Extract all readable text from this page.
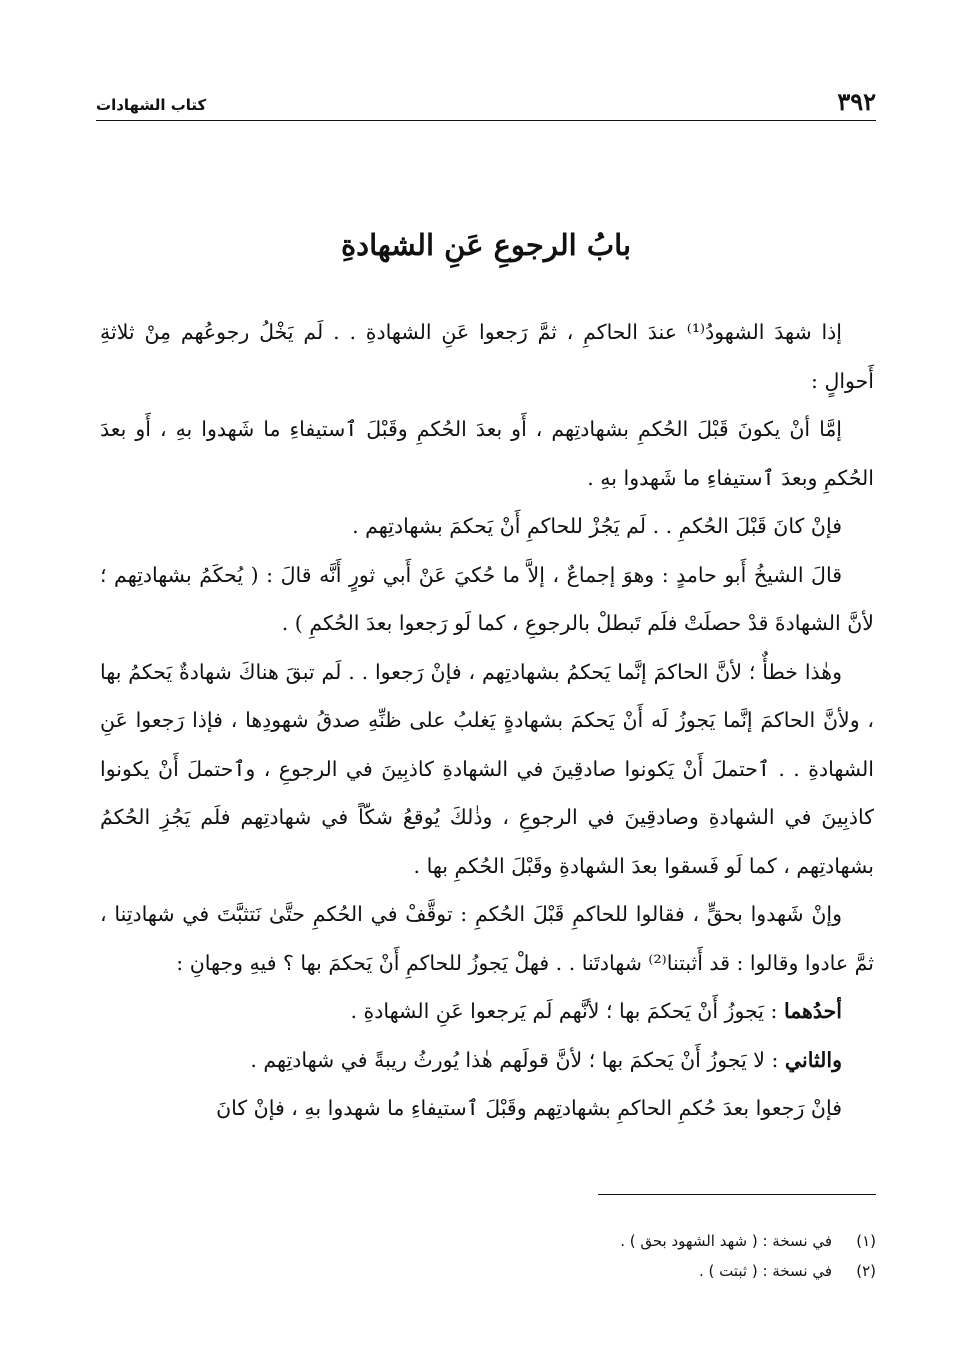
٣٩٢
كتاب الشهادات
بابُ الرجوعِ عَنِ الشهادةِ

إذا شهدَ الشهودُ⁽¹⁾ عندَ الحاكمِ ، ثمَّ رَجعوا عَنِ الشهادةِ . . لَم يَخْلُ رجوعُهم مِنْ ثلاثةِ أَحوالٍ :

إمَّا أنْ يكونَ قَبْلَ الحُكمِ بشهادتِهم ، أَو بعدَ الحُكمِ وقَبْلَ ٱستيفاءِ ما شَهدوا بهِ ، أَو بعدَ الحُكمِ وبعدَ ٱستيفاءِ ما شَهدوا بهِ .

فإنْ كانَ قَبْلَ الحُكمِ . . لَم يَجُزْ للحاكمِ أَنْ يَحكمَ بشهادتِهم .

قالَ الشيخُ أَبو حامدٍ : وهوَ إجماعٌ ، إلاَّ ما حُكيَ عَنْ أَبي ثورٍ أَنَّه قالَ : ( يُحكَمُ بشهادتِهم ؛ لأنَّ الشهادةَ قدْ حصلَتْ فلَم تَبطلْ بالرجوعِ ، كما لَو رَجعوا بعدَ الحُكمِ ) .

وهٰذا خطأٌ ؛ لأنَّ الحاكمَ إنَّما يَحكمُ بشهادتِهم ، فإنْ رَجعوا . . لَم تبقَ هناكَ شهادةٌ يَحكمُ بها ، ولأنَّ الحاكمَ إنَّما يَجوزُ لَه أَنْ يَحكمَ بشهادةٍ يَغلبُ على ظنِّهِ صدقُ شهودِها ، فإذا رَجعوا عَنِ الشهادةِ . . ٱحتملَ أَنْ يَكونوا صادقِينَ في الشهادةِ كاذبِينَ في الرجوعِ ، وٱحتملَ أَنْ يكونوا كاذبِينَ في الشهادةِ وصادقِينَ في الرجوعِ ، وذٰلكَ يُوقعُ شكّاً في شهادتِهم فلَم يَجُزِ الحُكمُ بشهادتِهم ، كما لَو فَسقوا بعدَ الشهادةِ وقَبْلَ الحُكمِ بها .

وإنْ شَهدوا بحقٍّ ، فقالوا للحاكمِ قَبْلَ الحُكمِ : توقَّفْ في الحُكمِ حتَّىٰ نَتثبَّتَ في شهادتِنا ، ثمَّ عادوا وقالوا : قد أَثبتنا⁽²⁾ شهادتَنا . . فهلْ يَجوزُ للحاكمِ أَنْ يَحكمَ بها ؟ فيهِ وجهانِ :

أحدُهما : يَجوزُ أَنْ يَحكمَ بها ؛ لأنَّهم لَم يَرجعوا عَنِ الشهادةِ .

والثاني : لا يَجوزُ أَنْ يَحكمَ بها ؛ لأنَّ قولَهم هٰذا يُورثُ ريبةً في شهادتِهم .

فإنْ رَجعوا بعدَ حُكمِ الحاكمِ بشهادتِهم وقَبْلَ ٱستيفاءِ ما شهدوا بهِ ، فإنْ كانَ

(١)
في نسخة : ( شهد الشهود بحق ) .
(٢)
في نسخة : ( ثبتت ) .
